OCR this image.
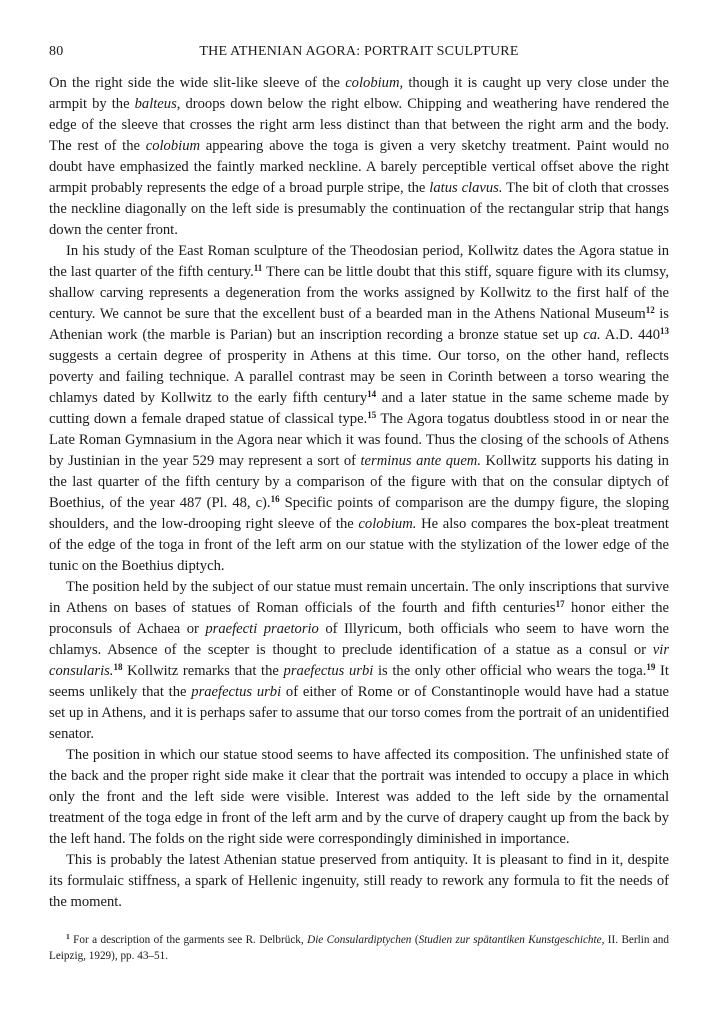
80	THE ATHENIAN AGORA: PORTRAIT SCULPTURE

On the right side the wide slit-like sleeve of the colobium, though it is caught up very close under the armpit by the balteus, droops down below the right elbow. Chipping and weathering have rendered the edge of the sleeve that crosses the right arm less distinct than that between the right arm and the body. The rest of the colobium appearing above the toga is given a very sketchy treatment. Paint would no doubt have emphasized the faintly marked neckline. A barely perceptible vertical offset above the right armpit probably represents the edge of a broad purple stripe, the latus clavus. The bit of cloth that crosses the neckline diagonally on the left side is presumably the continuation of the rectangular strip that hangs down the center front.

In his study of the East Roman sculpture of the Theodosian period, Kollwitz dates the Agora statue in the last quarter of the fifth century.$^{11}$ There can be little doubt that this stiff, square figure with its clumsy, shallow carving represents a degeneration from the works assigned by Kollwitz to the first half of the century. We cannot be sure that the excellent bust of a bearded man in the Athens National Museum$^{12}$ is Athenian work (the marble is Parian) but an inscription recording a bronze statue set up ca. A.D. $440^{13}$ suggests a certain degree of prosperity in Athens at this time. Our torso, on the other hand, reflects poverty and failing technique. A parallel contrast may be seen in Corinth between a torso wearing the chlamys dated by Kollwitz to the early fifth century$^{14}$ and a later statue in the same scheme made by cutting down a female draped statue of classical type.$^{15}$ The Agora togatus doubtless stood in or near the Late Roman Gymnasium in the Agora near which it was found. Thus the closing of the schools of Athens by Justinian in the year 529 may represent a sort of terminus ante quem. Kollwitz supports his dating in the last quarter of the fifth century by a comparison of the figure with that on the consular diptych of Boethius, of the year 487 (Pl. 48, c).$^{16}$ Specific points of comparison are the dumpy figure, the sloping shoulders, and the low-drooping right sleeve of the colobium. He also compares the box-pleat treatment of the edge of the toga in front of the left arm on our statue with the stylization of the lower edge of the tunic on the Boethius diptych.

The position held by the subject of our statue must remain uncertain. The only inscriptions that survive in Athens on bases of statues of Roman officials of the fourth and fifth centuries$^{17}$ honor either the proconsuls of Achaea or praefecti praetorio of Illyricum, both officials who seem to have worn the chlamys. Absence of the scepter is thought to preclude identification of a statue as a consul or vir consularis.$^{18}$ Kollwitz remarks that the praefectus urbi is the only other official who wears the toga.$^{19}$ It seems unlikely that the praefectus urbi of either of Rome or of Constantinople would have had a statue set up in Athens, and it is perhaps safer to assume that our torso comes from the portrait of an unidentified senator.

The position in which our statue stood seems to have affected its composition. The unfinished state of the back and the proper right side make it clear that the portrait was intended to occupy a place in which only the front and the left side were visible. Interest was added to the left side by the ornamental treatment of the toga edge in front of the left arm and by the curve of drapery caught up from the back by the left hand. The folds on the right side were correspondingly diminished in importance.

This is probably the latest Athenian statue preserved from antiquity. It is pleasant to find in it, despite its formulaic stiffness, a spark of Hellenic ingenuity, still ready to rework any formula to fit the needs of the moment.

$^1$ For a description of the garments see R. Delbrück, Die Consulardiptychen (Studien zur spätantiken Kunstgeschichte, II. Berlin and Leipzig, 1929), pp. 43–51.
